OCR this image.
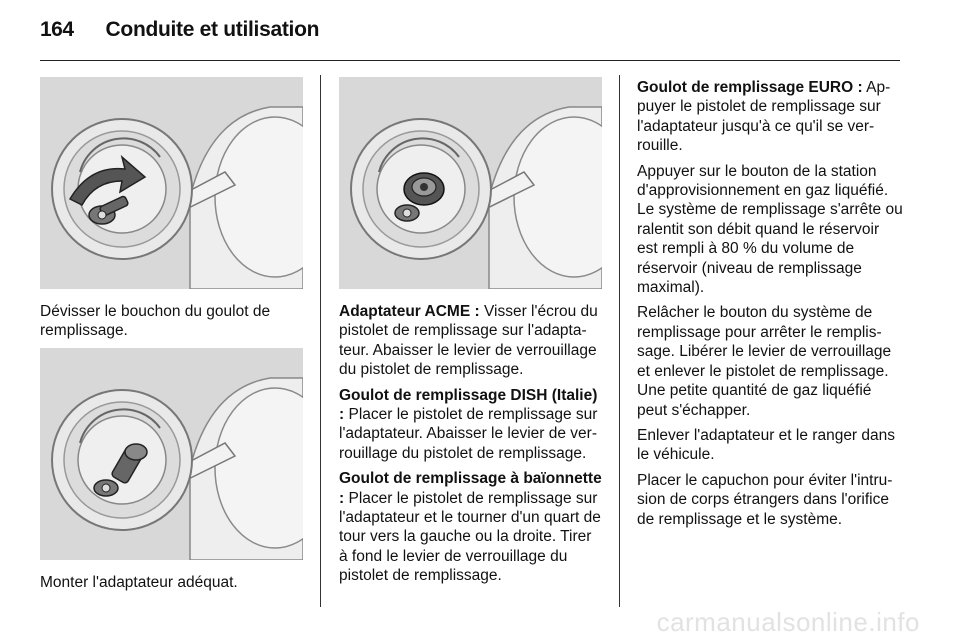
164 Conduite et utilisation
Dévisser le bouchon du goulot de remplissage.
Monter l'adaptateur adéquat.

Adaptateur ACME : Visser l'écrou du pistolet de remplissage sur l'adaptateur. Abaisser le levier de verrouillage du pistolet de remplissage.

Goulot de remplissage DISH (Italie) : Placer le pistolet de remplissage sur l'adaptateur. Abaisser le levier de verrouillage du pistolet de remplissage.

Goulot de remplissage à baïonnette : Placer le pistolet de remplissage sur l'adaptateur et le tourner d'un quart de tour vers la gauche ou la droite. Tirer à fond le levier de verrouillage du pistolet de remplissage.

Goulot de remplissage EURO : Appuyer le pistolet de remplissage sur l'adaptateur jusqu'à ce qu'il se verrouille.

Appuyer sur le bouton de la station d'approvisionnement en gaz liquéfié. Le système de remplissage s'arrête ou ralentit son débit quand le réservoir est rempli à 80 % du volume de réservoir (niveau de remplissage maximal).

Relâcher le bouton du système de remplissage pour arrêter le remplissage. Libérer le levier de verrouillage et enlever le pistolet de remplissage. Une petite quantité de gaz liquéfié peut s'échapper.

Enlever l'adaptateur et le ranger dans le véhicule.

Placer le capuchon pour éviter l'intrusion de corps étrangers dans l'orifice de remplissage et le système.

carmanualsonline.info
